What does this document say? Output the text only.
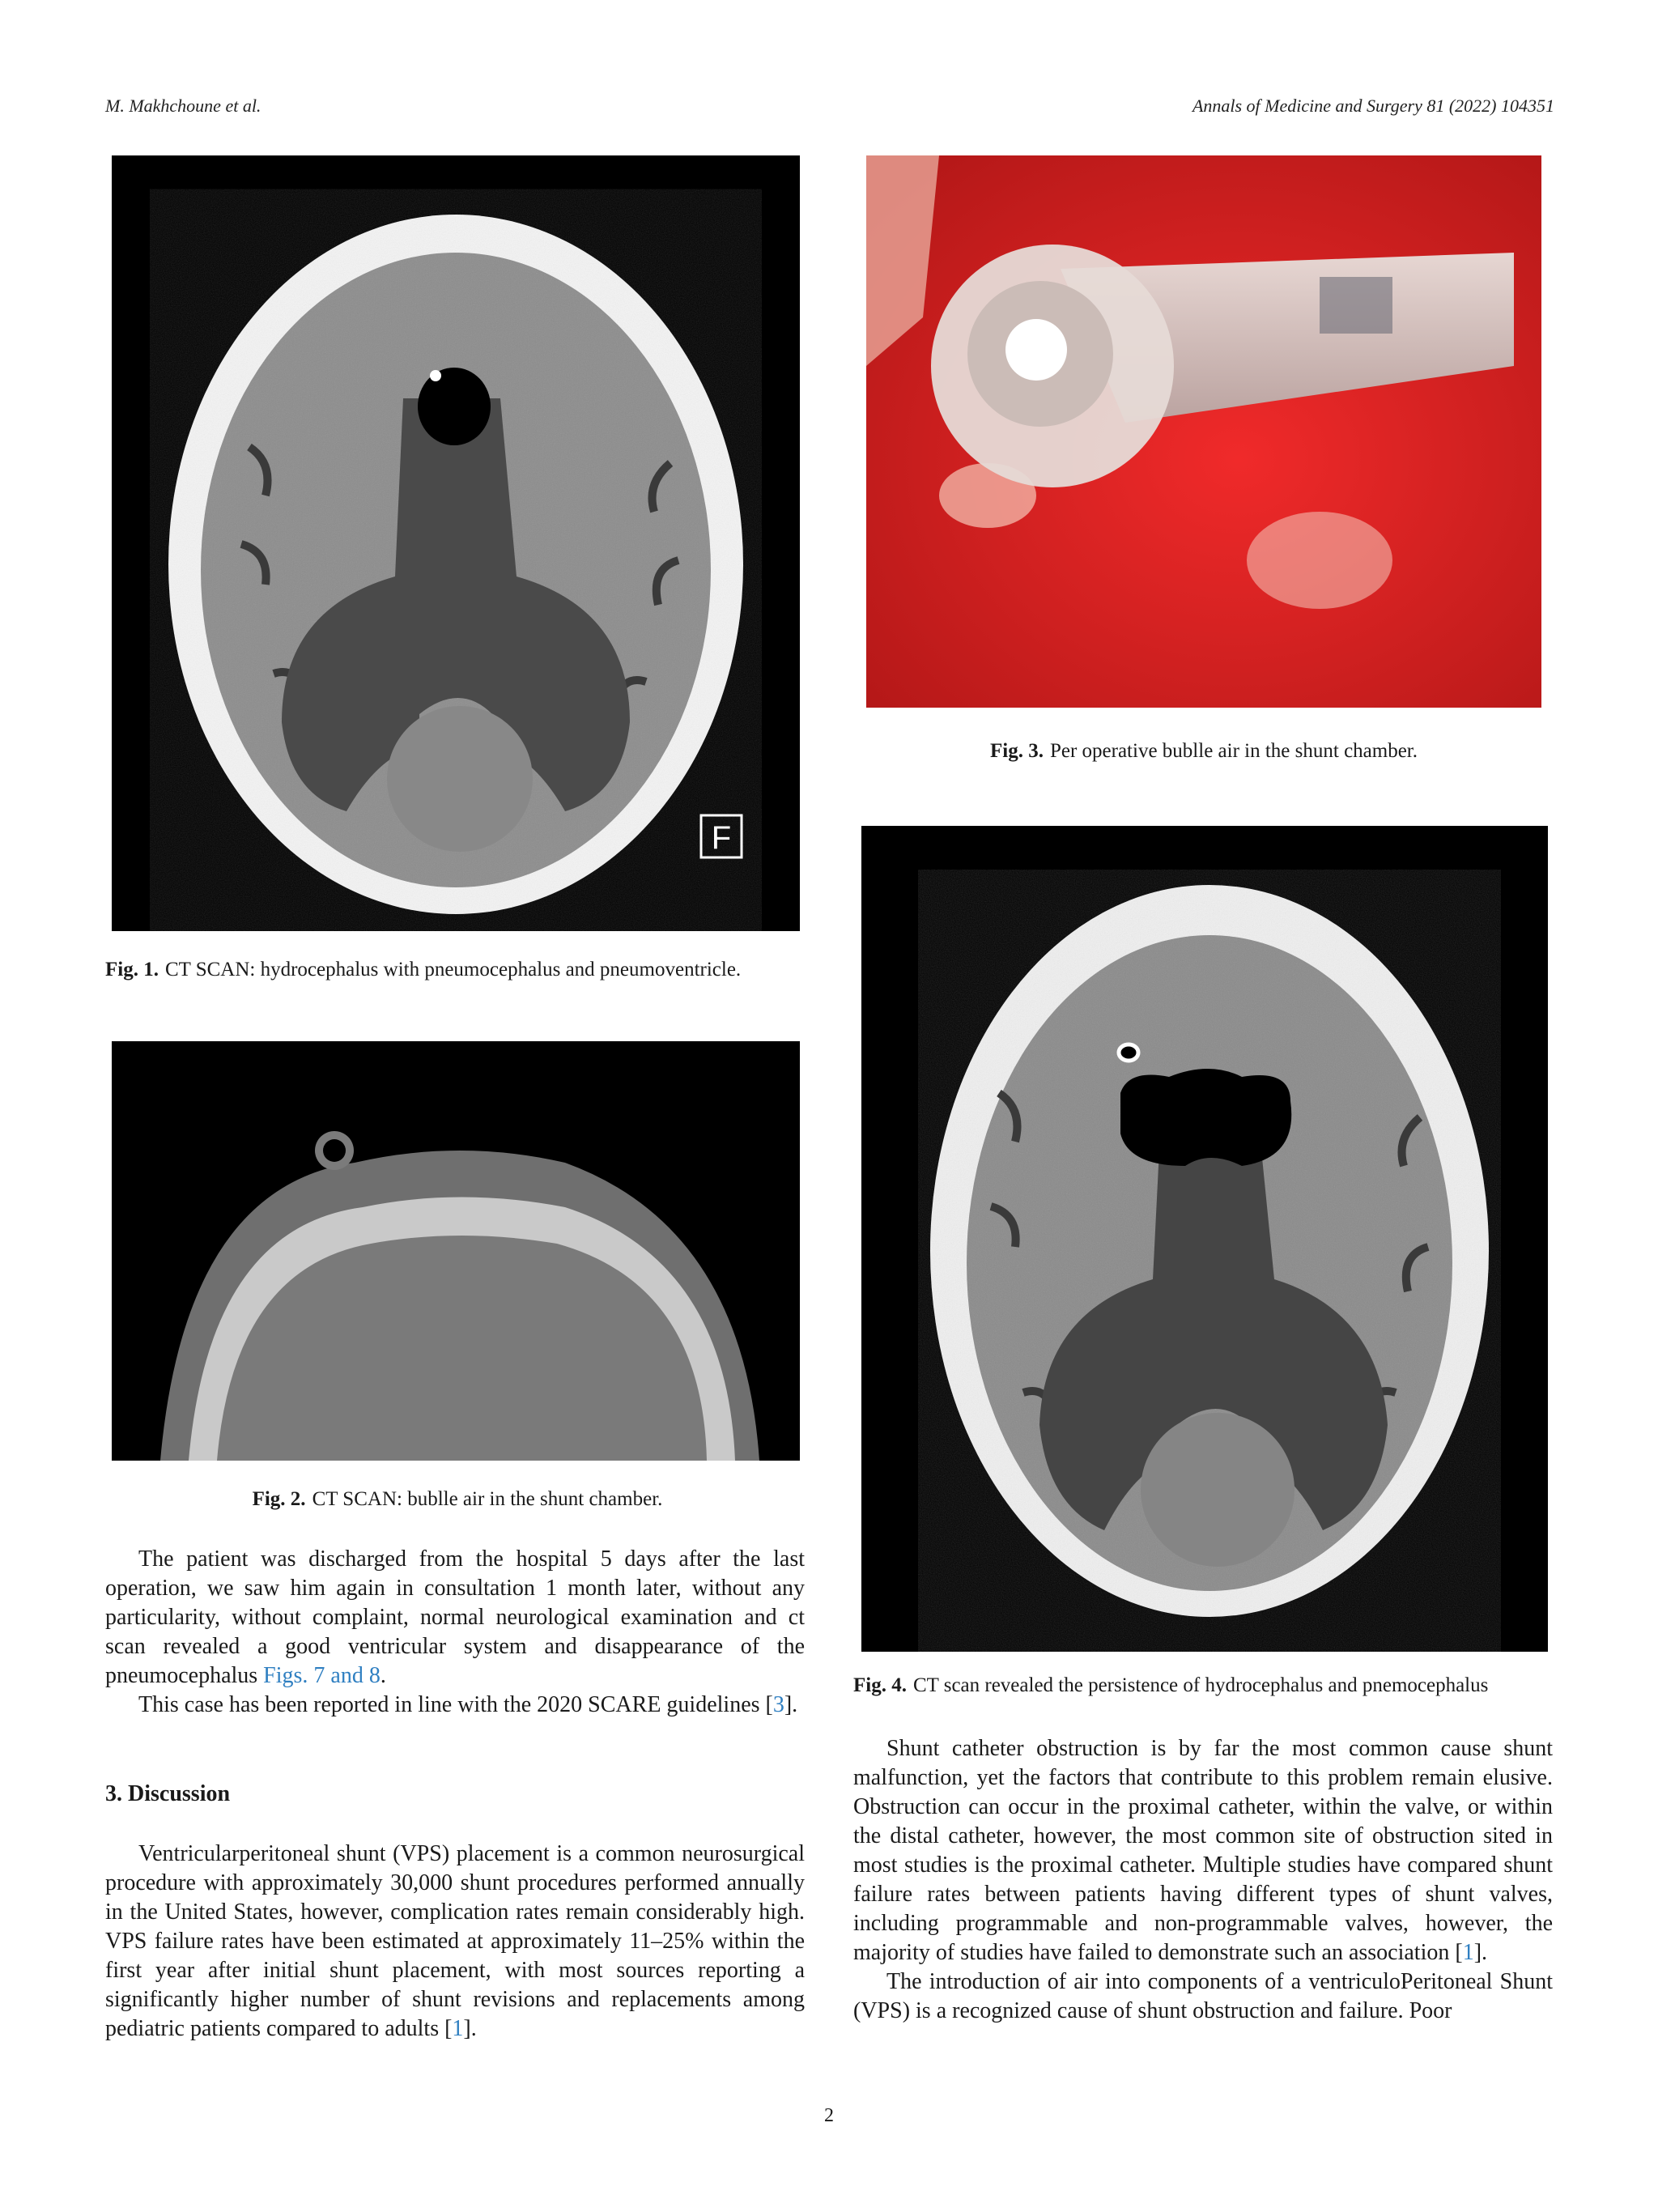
M. Makhchoune et al.	Annals of Medicine and Surgery 81 (2022) 104351
F
Fig. 1. CT SCAN: hydrocephalus with pneumocephalus and pneumoventricle.
Fig. 2. CT SCAN: bublle air in the shunt chamber.
Fig. 3. Per operative bublle air in the shunt chamber.
Fig. 4. CT scan revealed the persistence of hydrocephalus and pnemocephalus

The patient was discharged from the hospital 5 days after the last operation, we saw him again in consultation 1 month later, without any particularity, without complaint, normal neurological examination and ct scan revealed a good ventricular system and disappearance of the pneumocephalus Figs. 7 and 8.

This case has been reported in line with the 2020 SCARE guidelines [3].

3. Discussion

Ventricularperitoneal shunt (VPS) placement is a common neurosurgical procedure with approximately 30,000 shunt procedures performed annually in the United States, however, complication rates remain considerably high. VPS failure rates have been estimated at approximately 11–25% within the first year after initial shunt placement, with most sources reporting a significantly higher number of shunt revisions and replacements among pediatric patients compared to adults [1].

Shunt catheter obstruction is by far the most common cause shunt malfunction, yet the factors that contribute to this problem remain elusive. Obstruction can occur in the proximal catheter, within the valve, or within the distal catheter, however, the most common site of obstruction sited in most studies is the proximal catheter. Multiple studies have compared shunt failure rates between patients having different types of shunt valves, including programmable and non-programmable valves, however, the majority of studies have failed to demonstrate such an association [1].

The introduction of air into components of a ventriculoPeritoneal Shunt (VPS) is a recognized cause of shunt obstruction and failure. Poor

2
